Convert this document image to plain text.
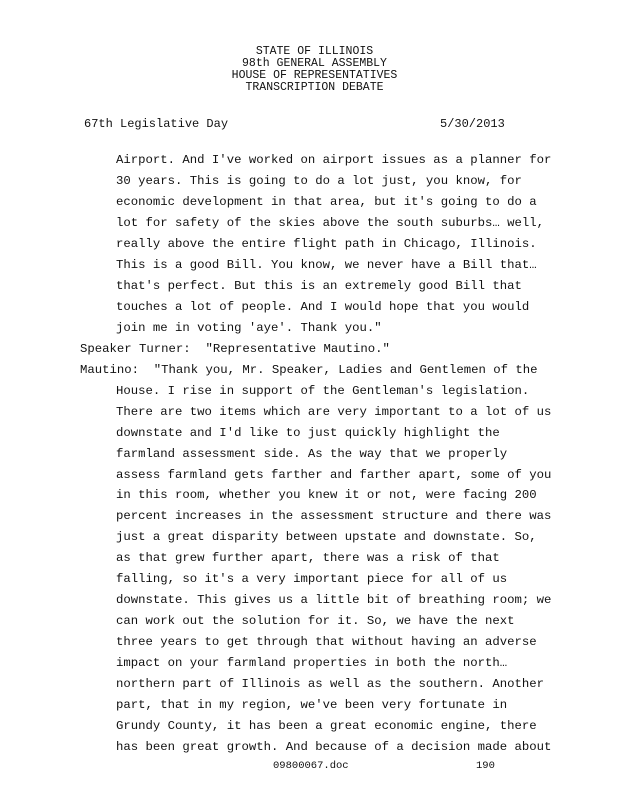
STATE OF ILLINOIS
98th GENERAL ASSEMBLY
HOUSE OF REPRESENTATIVES
TRANSCRIPTION DEBATE
67th Legislative Day	5/30/2013
Airport. And I've worked on airport issues as a planner for
30 years. This is going to do a lot just, you know, for
economic development in that area, but it's going to do a
lot for safety of the skies above the south suburbs… well,
really above the entire flight path in Chicago, Illinois.
This is a good Bill. You know, we never have a Bill that…
that's perfect. But this is an extremely good Bill that
touches a lot of people. And I would hope that you would
join me in voting 'aye'. Thank you."
Speaker Turner:  "Representative Mautino."
Mautino:  "Thank you, Mr. Speaker, Ladies and Gentlemen of the
House. I rise in support of the Gentleman's legislation.
There are two items which are very important to a lot of us
downstate and I'd like to just quickly highlight the
farmland assessment side. As the way that we properly
assess farmland gets farther and farther apart, some of you
in this room, whether you knew it or not, were facing 200
percent increases in the assessment structure and there was
just a great disparity between upstate and downstate. So,
as that grew further apart, there was a risk of that
falling, so it's a very important piece for all of us
downstate. This gives us a little bit of breathing room; we
can work out the solution for it. So, we have the next
three years to get through that without having an adverse
impact on your farmland properties in both the north…
northern part of Illinois as well as the southern. Another
part, that in my region, we've been very fortunate in
Grundy County, it has been a great economic engine, there
has been great growth. And because of a decision made about
09800067.doc	190
